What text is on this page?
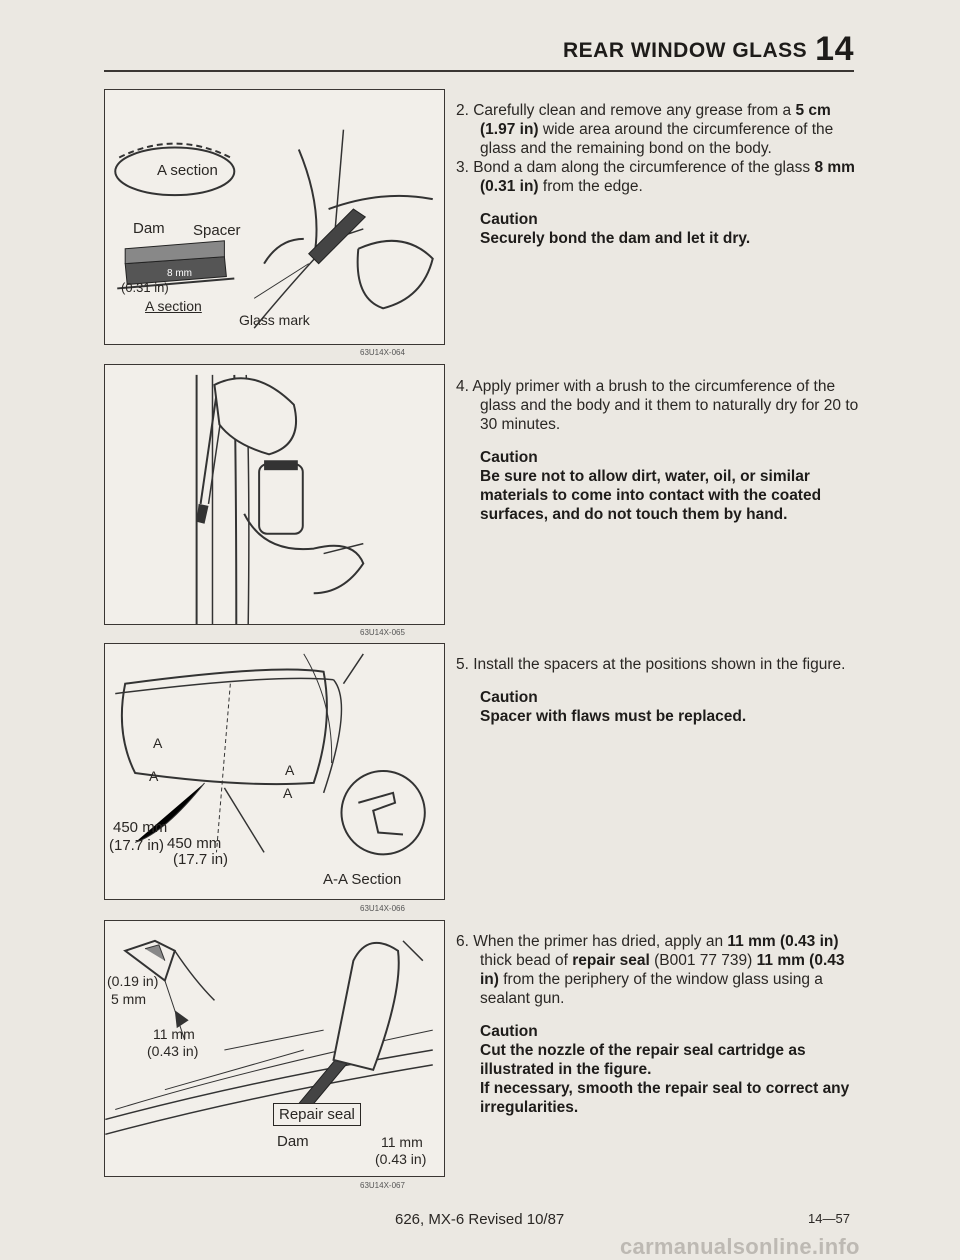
REAR WINDOW GLASS 14
A section
Dam Spacer
8 mm
(0.31 in)
A section
Glass mark
63U14X-064
63U14X-065
A
A	A
A
450 mm
(17.7 in) 450 mm
(17.7 in)
A-A Section
63U14X-066
(0.19 in)
5 mm
11 mm
(0.43 in)
Repair seal
Dam	11 mm
(0.43 in)
63U14X-067
2. Carefully clean and remove any grease from a 5 cm (1.97 in) wide area around the circumference of the glass and the remaining bond on the body.
3. Bond a dam along the circumference of the glass 8 mm (0.31 in) from the edge.
Caution
Securely bond the dam and let it dry.
4. Apply primer with a brush to the circumference of the glass and the body and it them to naturally dry for 20 to 30 minutes.
Caution
Be sure not to allow dirt, water, oil, or similar materials to come into contact with the coated surfaces, and do not touch them by hand.
5. Install the spacers at the positions shown in the figure.
Caution
Spacer with flaws must be replaced.
6. When the primer has dried, apply an 11 mm (0.43 in) thick bead of repair seal (B001 77 739) 11 mm (0.43 in) from the periphery of the window glass using a sealant gun.
Caution
Cut the nozzle of the repair seal cartridge as illustrated in the figure.
If necessary, smooth the repair seal to correct any irregularities.
626, MX-6 Revised 10/87	14—57
carmanualsonline.info
